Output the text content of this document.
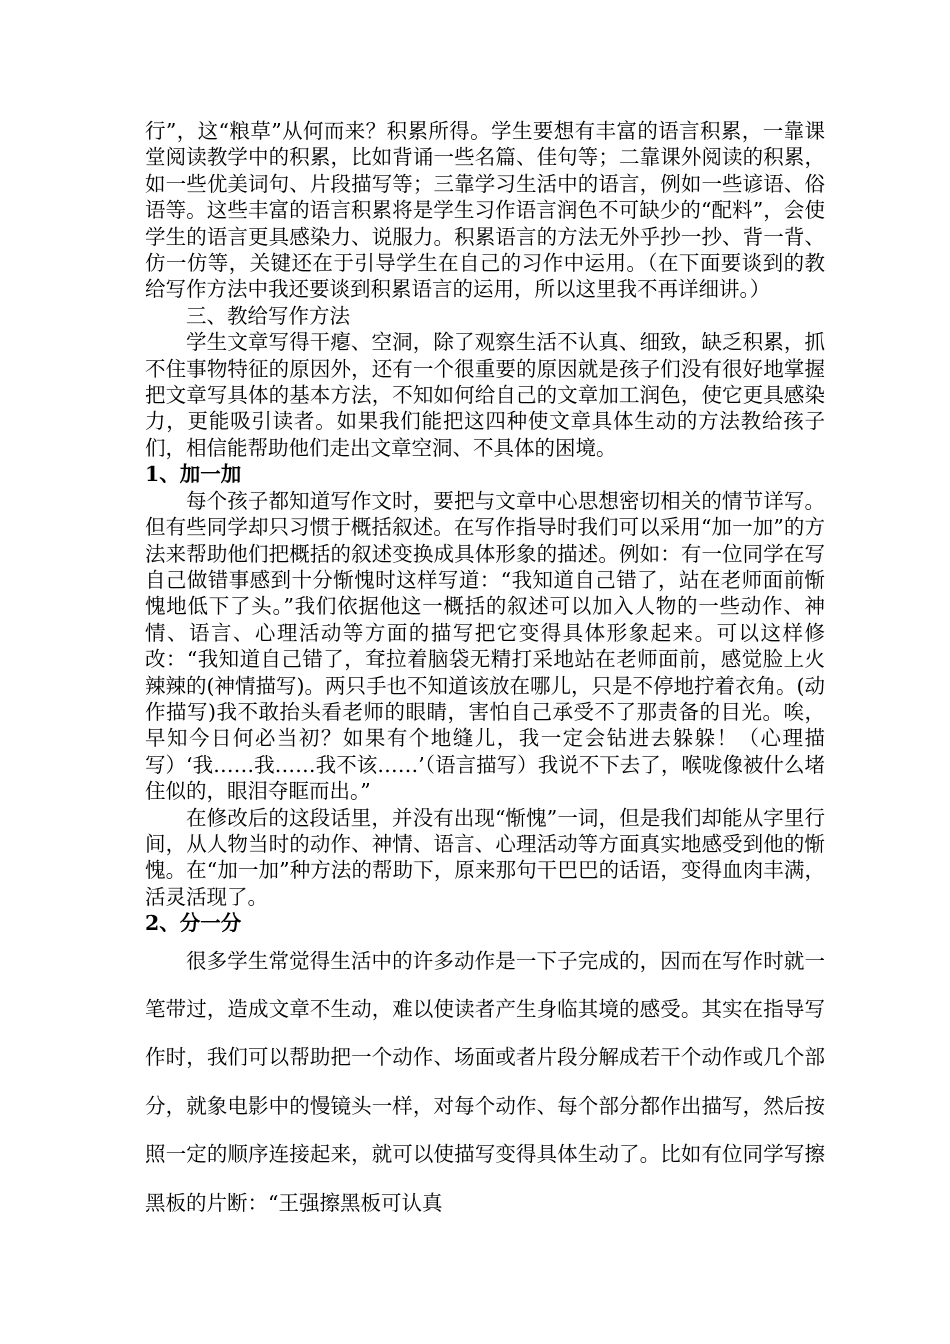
行”，这“粮草”从何而来？积累所得。学生要想有丰富的语言积累，一靠课堂阅读教学中的积累，比如背诵一些名篇、佳句等；二靠课外阅读的积累，如一些优美词句、片段描写等；三靠学习生活中的语言，例如一些谚语、俗语等。这些丰富的语言积累将是学生习作语言润色不可缺少的“配料”，会使学生的语言更具感染力、说服力。积累语言的方法无外乎抄一抄、背一背、仿一仿等，关键还在于引导学生在自己的习作中运用。（在下面要谈到的教给写作方法中我还要谈到积累语言的运用，所以这里我不再详细讲。）

三、教给写作方法

学生文章写得干瘪、空洞，除了观察生活不认真、细致，缺乏积累，抓不住事物特征的原因外，还有一个很重要的原因就是孩子们没有很好地掌握把文章写具体的基本方法，不知如何给自己的文章加工润色，使它更具感染力，更能吸引读者。如果我们能把这四种使文章具体生动的方法教给孩子们，相信能帮助他们走出文章空洞、不具体的困境。

1、加一加

每个孩子都知道写作文时，要把与文章中心思想密切相关的情节详写。但有些同学却只习惯于概括叙述。在写作指导时我们可以采用“加一加”的方法来帮助他们把概括的叙述变换成具体形象的描述。例如：有一位同学在写自己做错事感到十分惭愧时这样写道：“我知道自己错了，站在老师面前惭愧地低下了头。”我们依据他这一概括的叙述可以加入人物的一些动作、神情、语言、心理活动等方面的描写把它变得具体形象起来。可以这样修改：“我知道自己错了，耷拉着脑袋无精打采地站在老师面前，感觉脸上火辣辣的(神情描写)。两只手也不知道该放在哪儿，只是不停地拧着衣角。(动作描写)我不敢抬头看老师的眼睛，害怕自己承受不了那责备的目光。唉，早知今日何必当初？如果有个地缝儿，我一定会钻进去躲躲！（心理描写）‘我……我……我不该……’（语言描写）我说不下去了，喉咙像被什么堵住似的，眼泪夺眶而出。”

在修改后的这段话里，并没有出现“惭愧”一词，但是我们却能从字里行间，从人物当时的动作、神情、语言、心理活动等方面真实地感受到他的惭愧。在“加一加”种方法的帮助下，原来那句干巴巴的话语，变得血肉丰满，活灵活现了。

2、分一分

很多学生常觉得生活中的许多动作是一下子完成的，因而在写作时就一笔带过，造成文章不生动，难以使读者产生身临其境的感受。其实在指导写作时，我们可以帮助把一个动作、场面或者片段分解成若干个动作或几个部分，就象电影中的慢镜头一样，对每个动作、每个部分都作出描写，然后按照一定的顺序连接起来，就可以使描写变得具体生动了。比如有位同学写擦黑板的片断：“王强擦黑板可认真
